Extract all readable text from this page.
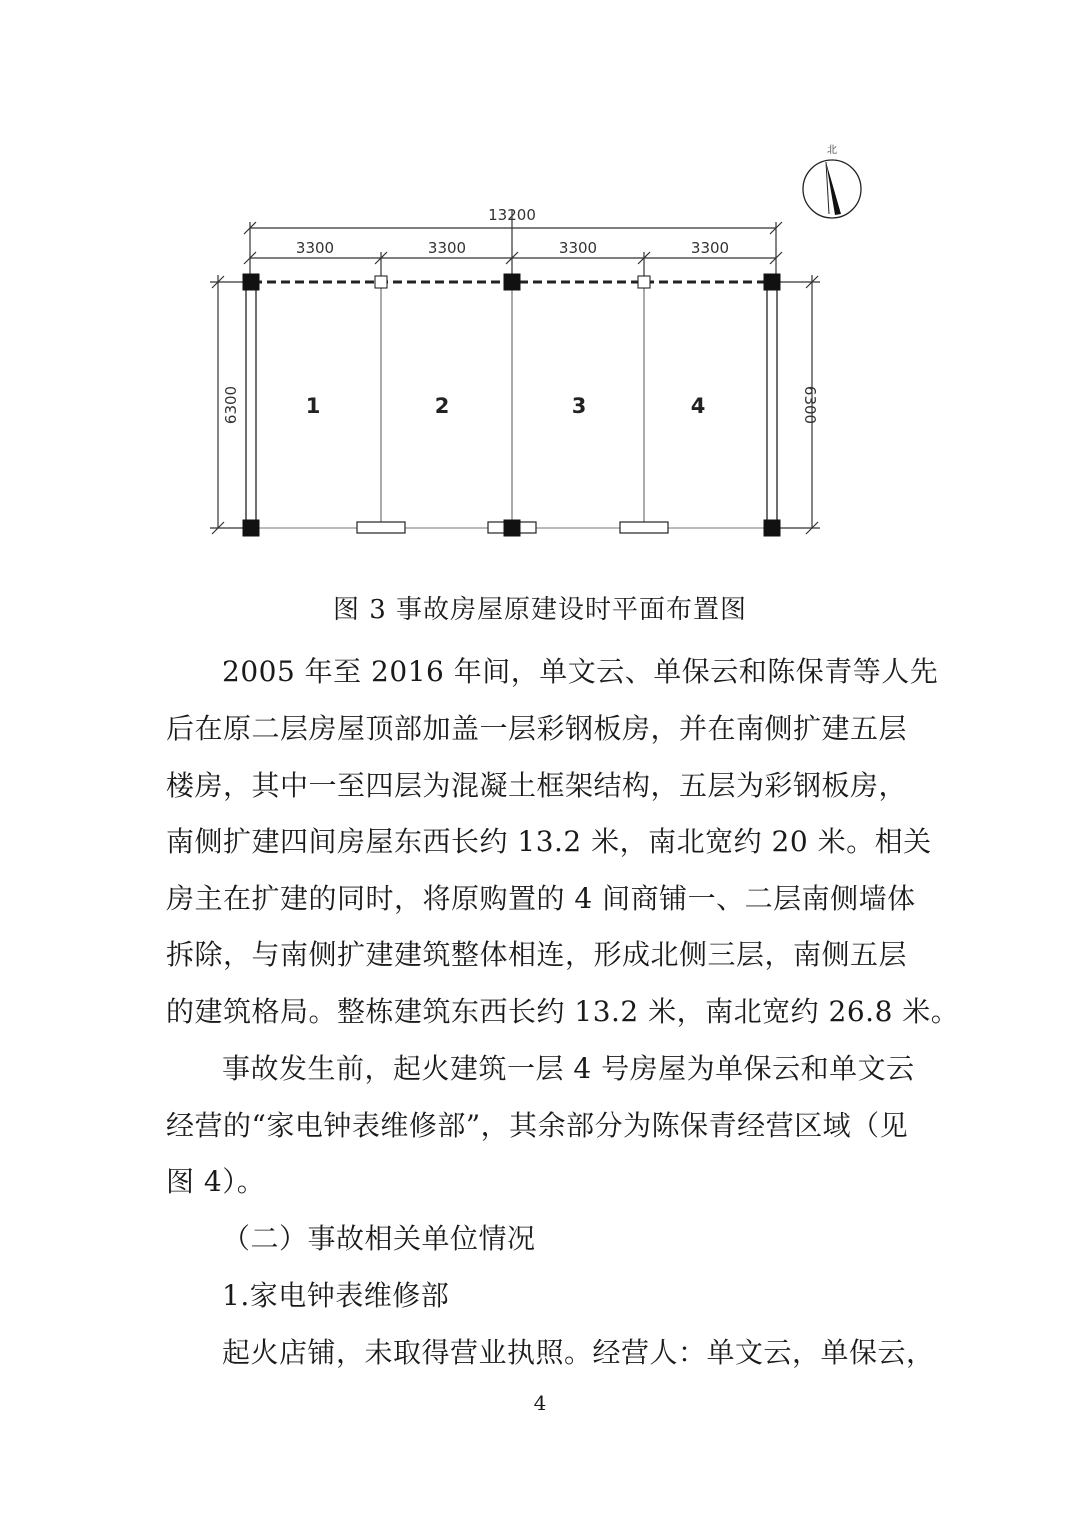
13200
3300	3300	3300	3300
6300	6300
1	2	3	4
北
图 3 事故房屋原建设时平面布置图
2005 年至 2016 年间，单文云、单保云和陈保青等人先
后在原二层房屋顶部加盖一层彩钢板房，并在南侧扩建五层
楼房，其中一至四层为混凝土框架结构，五层为彩钢板房，
南侧扩建四间房屋东西长约 13.2 米，南北宽约 20 米。相关
房主在扩建的同时，将原购置的 4 间商铺一、二层南侧墙体
拆除，与南侧扩建建筑整体相连，形成北侧三层，南侧五层
的建筑格局。整栋建筑东西长约 13.2 米，南北宽约 26.8 米。
事故发生前，起火建筑一层 4 号房屋为单保云和单文云
经营的“家电钟表维修部”，其余部分为陈保青经营区域（见
图 4）。
（二）事故相关单位情况
1.家电钟表维修部
起火店铺，未取得营业执照。经营人：单文云，单保云，
4
